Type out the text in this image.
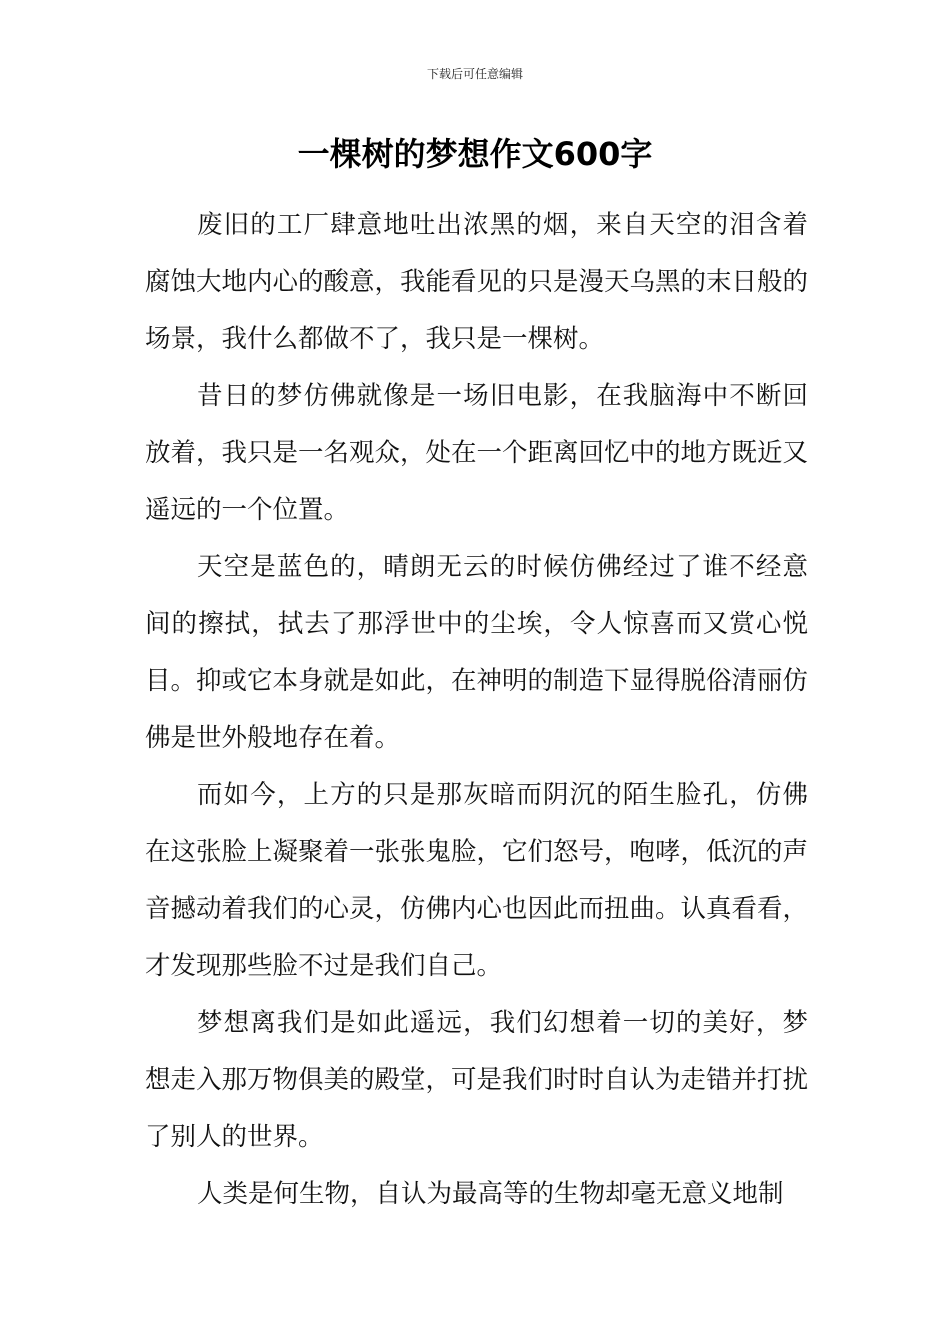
下载后可任意编辑
一棵树的梦想作文600字

废旧的工厂肆意地吐出浓黑的烟，来自天空的泪含着腐蚀大地内心的酸意，我能看见的只是漫天乌黑的末日般的场景，我什么都做不了，我只是一棵树。

昔日的梦仿佛就像是一场旧电影，在我脑海中不断回放着，我只是一名观众，处在一个距离回忆中的地方既近又遥远的一个位置。

天空是蓝色的，晴朗无云的时候仿佛经过了谁不经意间的擦拭，拭去了那浮世中的尘埃，令人惊喜而又赏心悦目。抑或它本身就是如此，在神明的制造下显得脱俗清丽仿佛是世外般地存在着。

而如今，上方的只是那灰暗而阴沉的陌生脸孔，仿佛在这张脸上凝聚着一张张鬼脸，它们怒号，咆哮，低沉的声音撼动着我们的心灵，仿佛内心也因此而扭曲。认真看看，才发现那些脸不过是我们自己。

梦想离我们是如此遥远，我们幻想着一切的美好，梦想走入那万物俱美的殿堂，可是我们时时自认为走错并打扰了别人的世界。

人类是何生物，自认为最高等的生物却毫无意义地制
